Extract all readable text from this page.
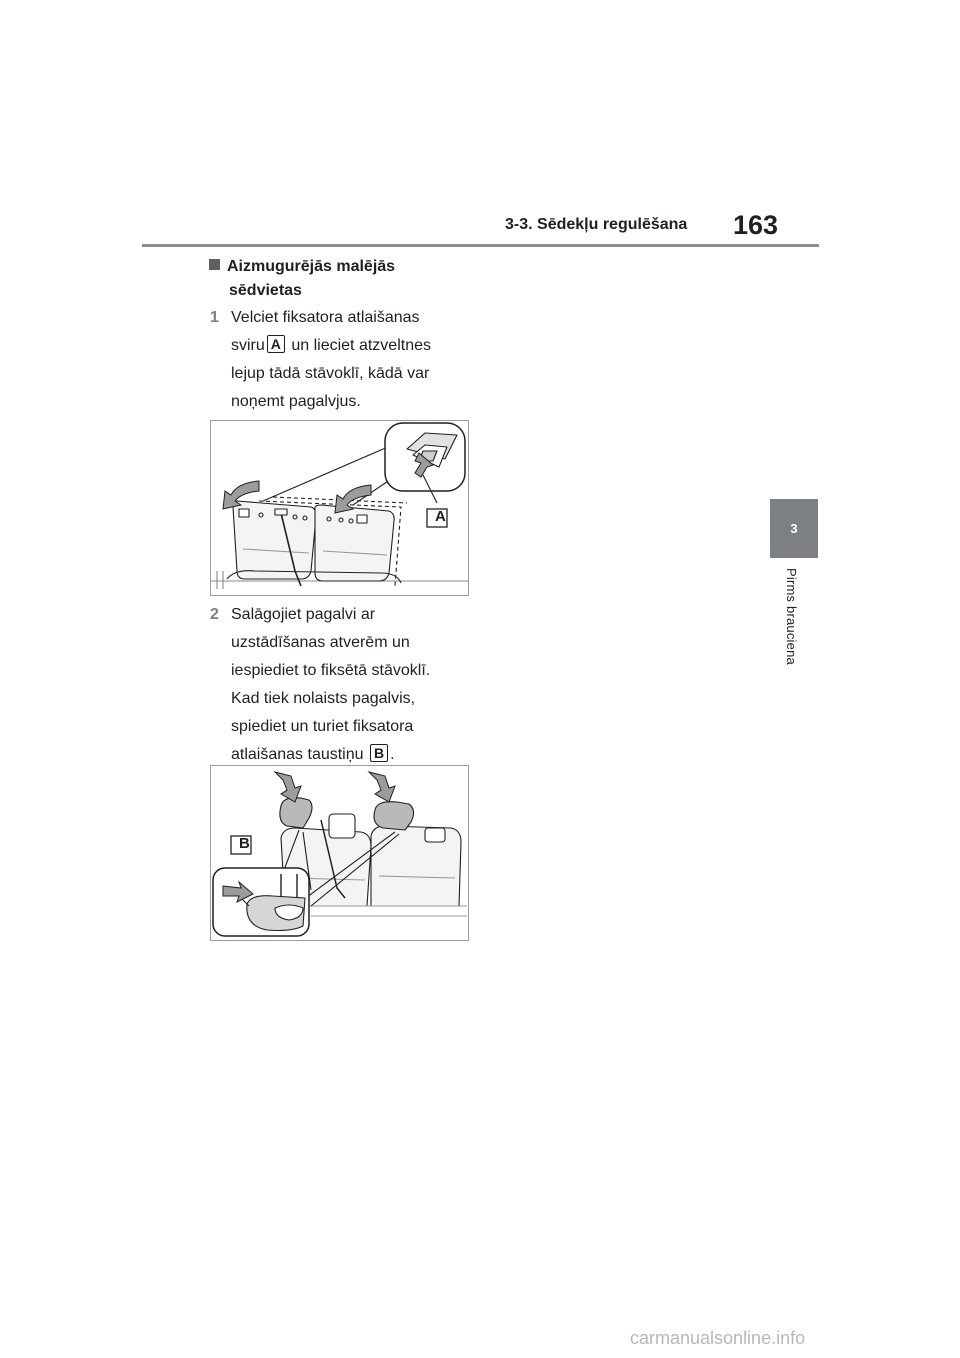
3-3. Sēdekļu regulēšana 163
3
Pirms brauciena
Aizmugurējās malējās
sēdvietas
1 Velciet fiksatora atlaišanas
sviru A un lieciet atzveltnes
lejup tādā stāvoklī, kādā var
noņemt pagalvjus.
A
2 Salāgojiet pagalvi ar
uzstādīšanas atverēm un
iespiediet to fiksētā stāvoklī.
Kad tiek nolaists pagalvis,
spiediet un turiet fiksatora
atlaišanas taustiņu B .
B
carmanualsonline.info
